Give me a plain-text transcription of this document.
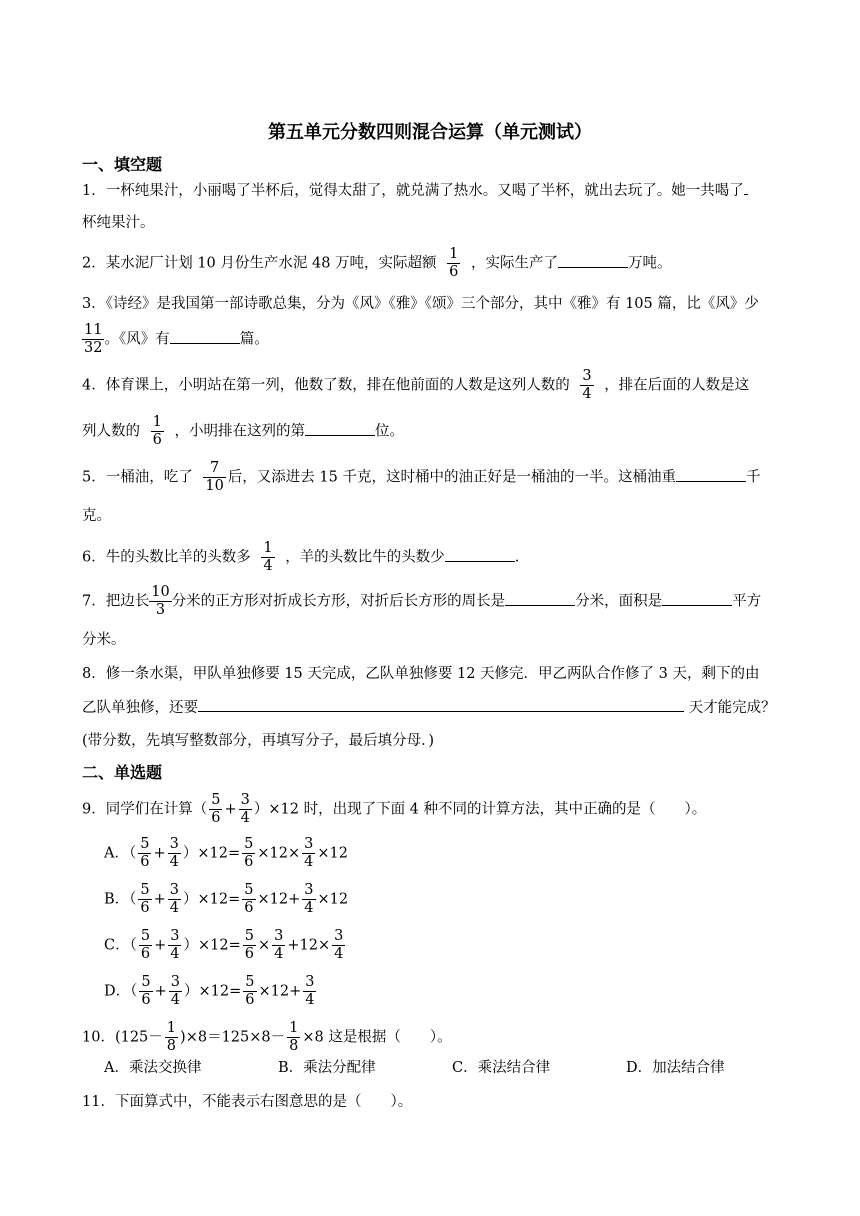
第五单元分数四则混合运算（单元测试）
一、填空题
1．一杯纯果汁，小丽喝了半杯后，觉得太甜了，就兑满了热水。又喝了半杯，就出去玩了。她一共喝了
杯纯果汁。
2．某水泥厂计划 10 月份生产水泥 48 万吨，实际超额 $\frac{1}{6}$ ，实际生产了	万吨。
3．《诗经》是我国第一部诗歌总集，分为《风》《雅》《颂》三个部分，其中《雅》有 105 篇，比《风》少
$\frac{11}{32}$ 。《风》有	篇。
4．体育课上，小明站在第一列，他数了数，排在他前面的人数是这列人数的 $\frac{3}{4}$ ，排在后面的人数是这
列人数的 $\frac{1}{6}$ ，小明排在这列的第	位。
5．一桶油，吃了 $\frac{7}{10}$ 后，又添进去 15 千克，这时桶中的油正好是一桶油的一半。这桶油重	千
克。
6．牛的头数比羊的头数多 $\frac{1}{4}$ ，羊的头数比牛的头数少	.
7．把边长 $\frac{10}{3}$ 分米的正方形对折成长方形，对折后长方形的周长是	分米，面积是	平方
分米。
8．修一条水渠，甲队单独修要 15 天完成，乙队单独修要 12 天修完．甲乙两队合作修了 3 天，剩下的由
乙队单独修，还要	天才能完成？
(带分数，先填写整数部分，再填写分子，最后填分母．)
二、单选题
9．同学们在计算（ $\frac{5}{6} + \frac{3}{4} )\times 12$ 时，出现了下面 4 种不同的计算方法，其中正确的是（　　）。
A．（ $\frac{5}{6} + \frac{3}{4} )\times 12= \frac{5}{6} \times 12\times \frac{3}{4} \times 12$
B．（ $\frac{5}{6} + \frac{3}{4} )\times 12= \frac{5}{6} \times 12+ \frac{3}{4} \times 12$
C．（ $\frac{5}{6} + \frac{3}{4} )\times 12= \frac{5}{6} \times \frac{3}{4} +12\times \frac{3}{4}$
D．（ $\frac{5}{6} + \frac{3}{4} )\times 12= \frac{5}{6} \times 12+ \frac{3}{4}$
10．$(125- \frac{1}{8} )\times 8=125\times 8- \frac{1}{8} \times 8$ 这是根据（　　）。
A．乘法交换律	B．乘法分配律	C．乘法结合律	D．加法结合律
11．下面算式中，不能表示右图意思的是（　　）。
